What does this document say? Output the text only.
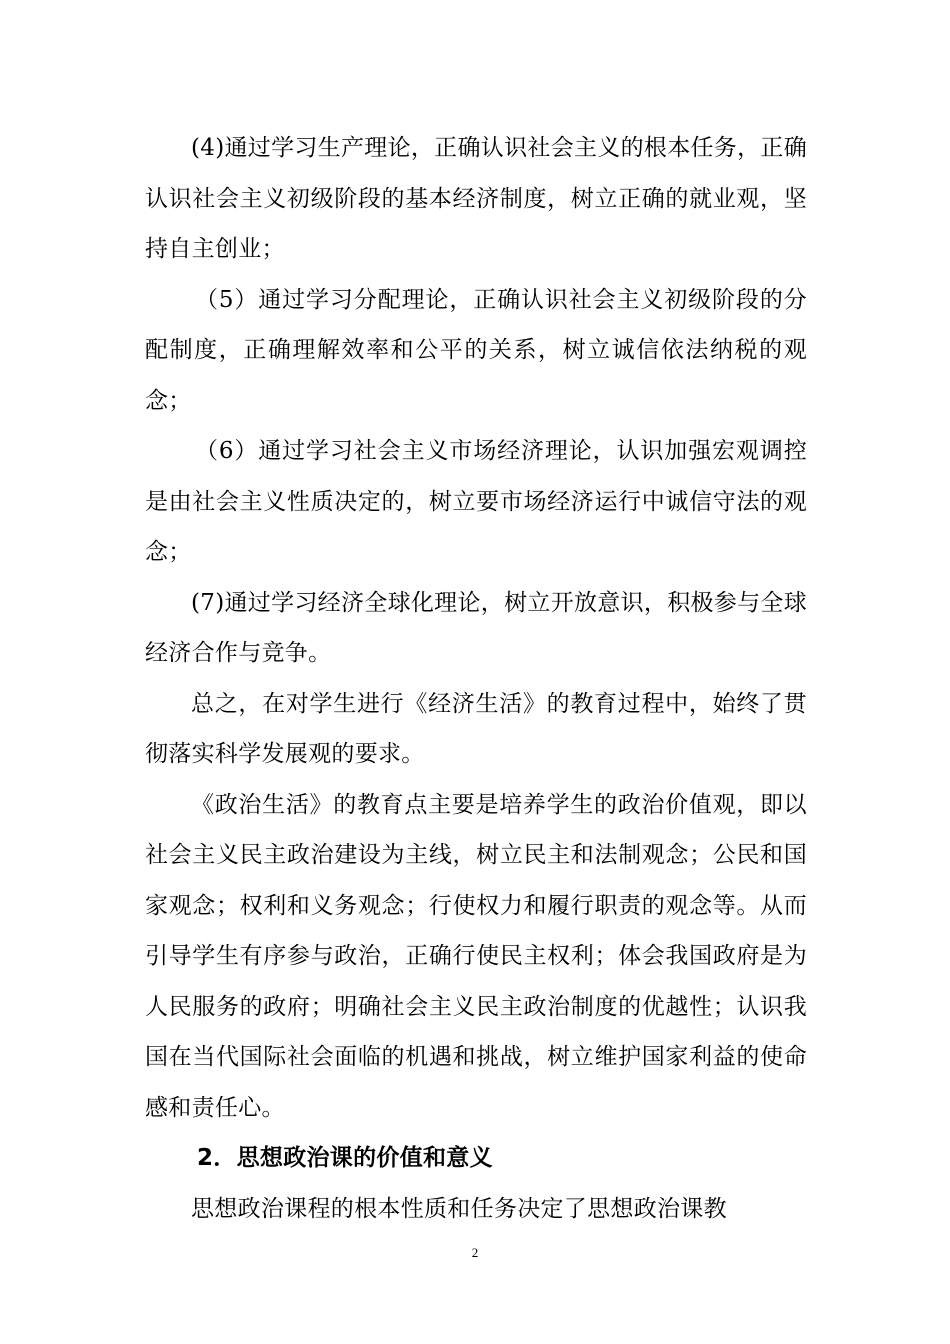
(4)通过学习生产理论，正确认识社会主义的根本任务，正确认识社会主义初级阶段的基本经济制度，树立正确的就业观，坚持自主创业；

（5）通过学习分配理论，正确认识社会主义初级阶段的分配制度，正确理解效率和公平的关系，树立诚信依法纳税的观念；

（6）通过学习社会主义市场经济理论，认识加强宏观调控是由社会主义性质决定的，树立要市场经济运行中诚信守法的观念；

(7)通过学习经济全球化理论，树立开放意识，积极参与全球经济合作与竞争。

总之，在对学生进行《经济生活》的教育过程中，始终了贯彻落实科学发展观的要求。

《政治生活》的教育点主要是培养学生的政治价值观，即以社会主义民主政治建设为主线，树立民主和法制观念；公民和国家观念；权利和义务观念；行使权力和履行职责的观念等。从而引导学生有序参与政治，正确行使民主权利；体会我国政府是为人民服务的政府；明确社会主义民主政治制度的优越性；认识我国在当代国际社会面临的机遇和挑战，树立维护国家利益的使命感和责任心。

2．思想政治课的价值和意义

思想政治课程的根本性质和任务决定了思想政治课教

2
